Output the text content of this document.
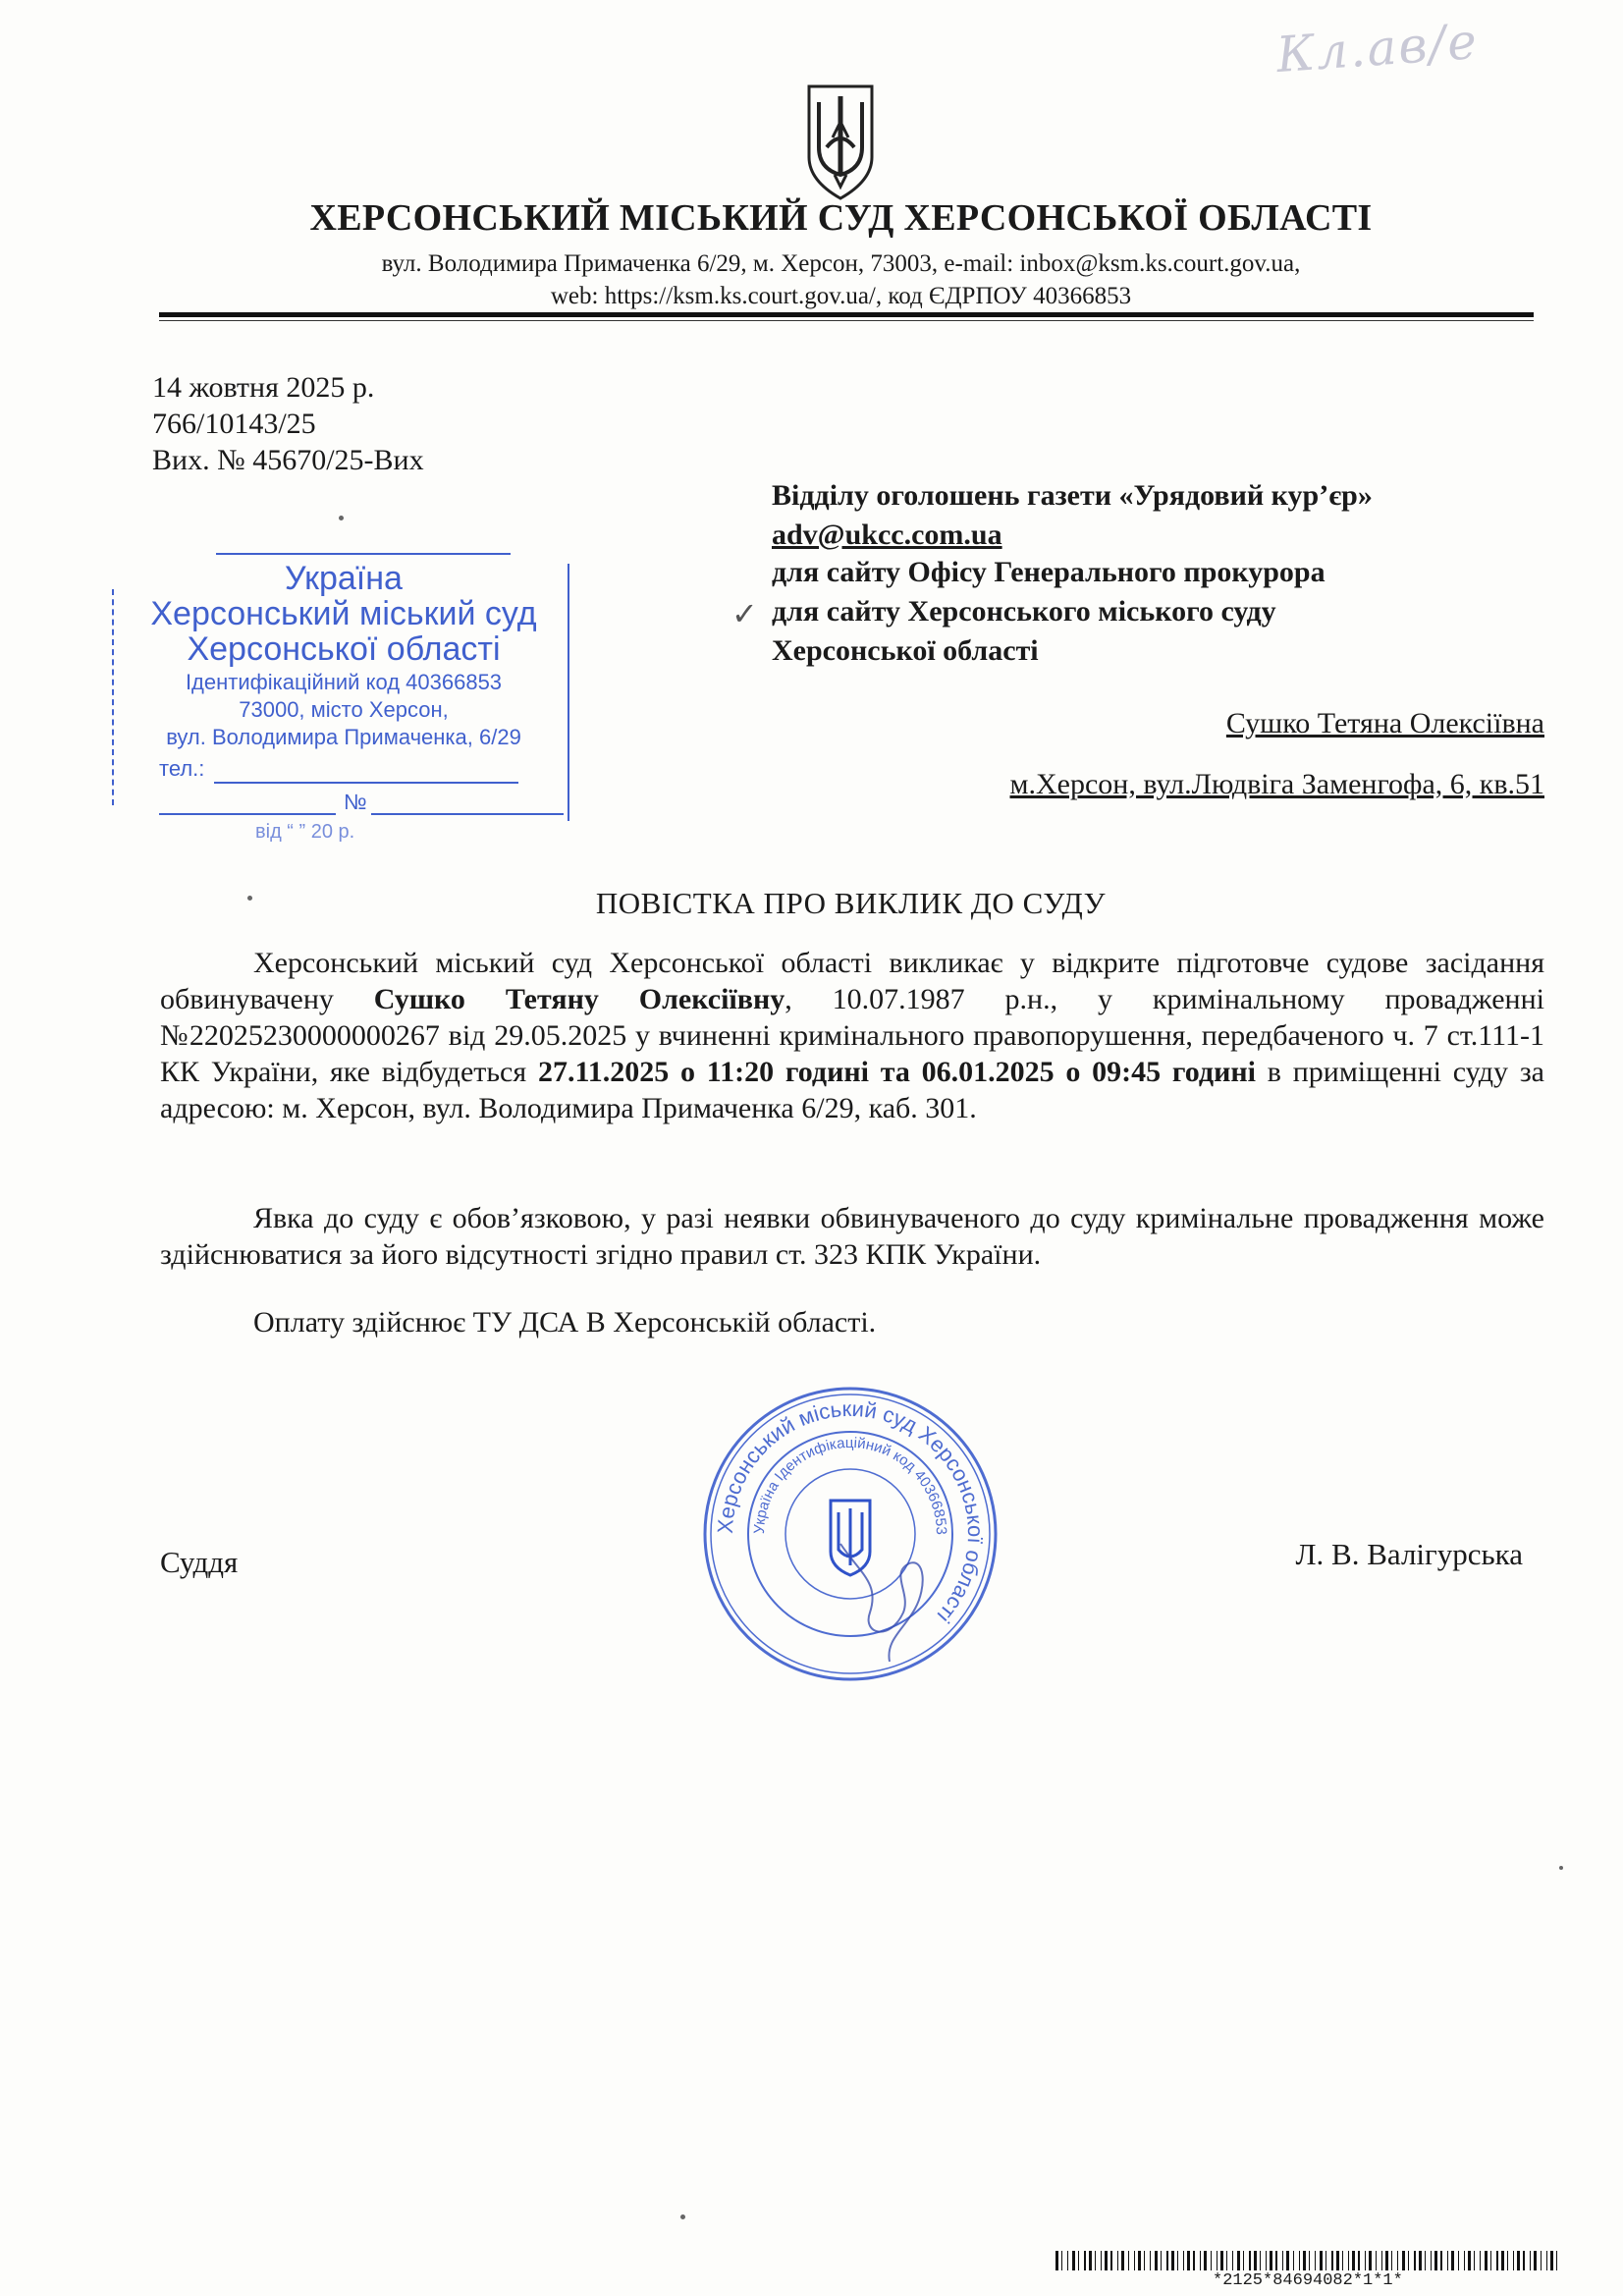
Кл.ав/е
ХЕРСОНСЬКИЙ МІСЬКИЙ СУД ХЕРСОНСЬКОЇ ОБЛАСТІ
вул. Володимира Примаченка 6/29, м. Херсон, 73003, e-mail: inbox@ksm.ks.court.gov.ua,
web: https://ksm.ks.court.gov.ua/, код ЄДРПОУ 40366853
14 жовтня 2025 р.
766/10143/25
Вих. № 45670/25-Вих
Відділу оголошень газети «Урядовий кур’єр»
adv@ukcc.com.ua
для сайту Офісу Генерального прокурора
✓ для сайту Херсонського міського суду
Херсонської області
Сушко Тетяна Олексіївна
м.Херсон, вул.Людвіга Заменгофа, 6, кв.51
Україна
Херсонський міський суд
Херсонської області
Ідентифікаційний код 40366853
73000, місто Херсон,
вул. Володимира Примаченка, 6/29
тел.:
№
від “ ” 20 р.
ПОВІСТКА ПРО ВИКЛИК ДО СУДУ
Херсонський міський суд Херсонської області викликає у відкрите підготовче судове засідання обвинувачену Сушко Тетяну Олексіївну, 10.07.1987 р.н., у кримінальному провадженні №22025230000000267 від 29.05.2025 у вчиненні кримінального правопорушення, передбаченого ч. 7 ст.111-1 КК України, яке відбудеться 27.11.2025 о 11:20 годині та 06.01.2025 о 09:45 годині в приміщенні суду за адресою: м. Херсон, вул. Володимира Примаченка 6/29, каб. 301.
Явка до суду є обов’язковою, у разі неявки обвинуваченого до суду кримінальне провадження може здійснюватися за його відсутності згідно правил ст. 323 КПК України.
Оплату здійснює ТУ ДСА В Херсонській області.
Суддя	Л. В. Валігурська
Херсонський міський суд Херсонської області
Україна Ідентифікаційний код 40366853
*2125*84694082*1*1*
